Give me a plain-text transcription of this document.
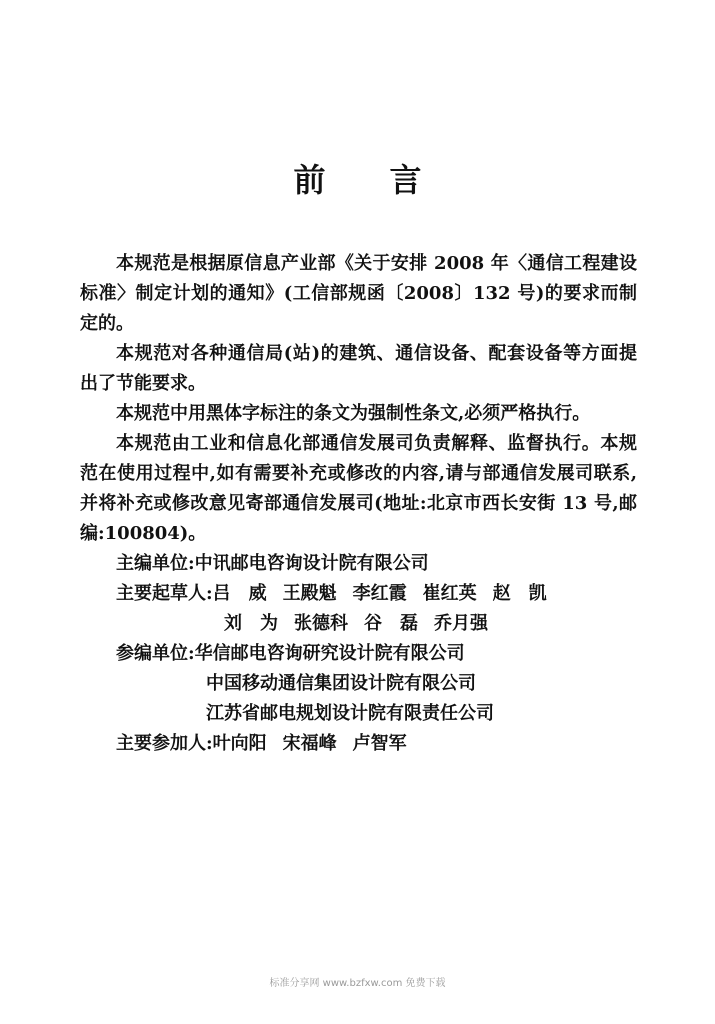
前 言

本规范是根据原信息产业部《关于安排 2008 年〈通信工程建设标准〉制定计划的通知》(工信部规函〔2008〕132 号)的要求而制定的。

本规范对各种通信局(站)的建筑、通信设备、配套设备等方面提出了节能要求。

本规范中用黑体字标注的条文为强制性条文,必须严格执行。

本规范由工业和信息化部通信发展司负责解释、监督执行。本规范在使用过程中,如有需要补充或修改的内容,请与部通信发展司联系,并将补充或修改意见寄部通信发展司(地址:北京市西长安街 13 号,邮编:100804)。

主编单位: 中讯邮电咨询设计院有限公司
主要起草人: 吕　威 王殿魁 李红霞 崔红英 赵　凯
刘　为 张德科 谷　磊 乔月强
参编单位: 华信邮电咨询研究设计院有限公司
中国移动通信集团设计院有限公司
江苏省邮电规划设计院有限责任公司
主要参加人: 叶向阳 宋福峰 卢智军
标准分享网 www.bzfxw.com 免费下载
